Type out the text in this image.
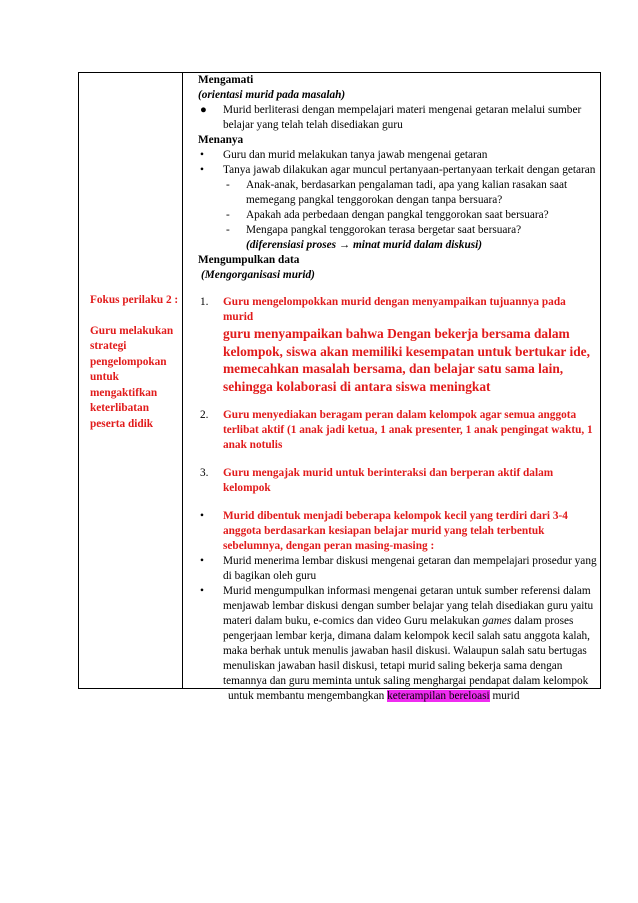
Fokus perilaku 2 :
Guru melakukan strategi pengelompokan untuk mengaktifkan keterlibatan peserta didik
Mengamati
(orientasi murid pada masalah)
● Murid berliterasi dengan mempelajari materi mengenai getaran melalui sumber belajar yang telah telah disediakan guru
Menanya
• Guru dan murid melakukan tanya jawab mengenai getaran
• Tanya jawab dilakukan agar muncul pertanyaan-pertanyaan terkait dengan getaran
- Anak-anak, berdasarkan pengalaman tadi, apa yang kalian rasakan saat memegang pangkal tenggorokan dengan tanpa bersuara?
- Apakah ada perbedaan dengan pangkal tenggorokan saat bersuara?
- Mengapa pangkal tenggorokan terasa bergetar saat bersuara?
(diferensiasi proses → minat murid dalam diskusi)
Mengumpulkan data
(Mengorganisasi murid)
1. Guru mengelompokkan murid dengan menyampaikan tujuannya pada murid
guru menyampaikan bahwa Dengan bekerja bersama dalam kelompok, siswa akan memiliki kesempatan untuk bertukar ide, memecahkan masalah bersama, dan belajar satu sama lain, sehingga kolaborasi di antara siswa meningkat
2. Guru menyediakan beragam peran dalam kelompok agar semua anggota terlibat aktif (1 anak jadi ketua, 1 anak presenter, 1 anak pengingat waktu, 1 anak notulis
3. Guru mengajak murid untuk berinteraksi dan berperan aktif dalam kelompok
• Murid dibentuk menjadi beberapa kelompok kecil yang terdiri dari 3-4 anggota berdasarkan kesiapan belajar murid yang telah terbentuk sebelumnya, dengan peran masing-masing :
• Murid menerima lembar diskusi mengenai getaran dan mempelajari prosedur yang di bagikan oleh guru
• Murid mengumpulkan informasi mengenai getaran untuk sumber referensi dalam menjawab lembar diskusi dengan sumber belajar yang telah disediakan guru yaitu materi dalam buku, e-comics dan video Guru melakukan games dalam proses pengerjaan lembar kerja, dimana dalam kelompok kecil salah satu anggota kalah, maka berhak untuk menulis jawaban hasil diskusi. Walaupun salah satu bertugas menuliskan jawaban hasil diskusi, tetapi murid saling bekerja sama dengan temannya dan guru meminta untuk saling menghargai pendapat dalam kelompok
untuk membantu mengembangkan keterampilan bereloasi murid
